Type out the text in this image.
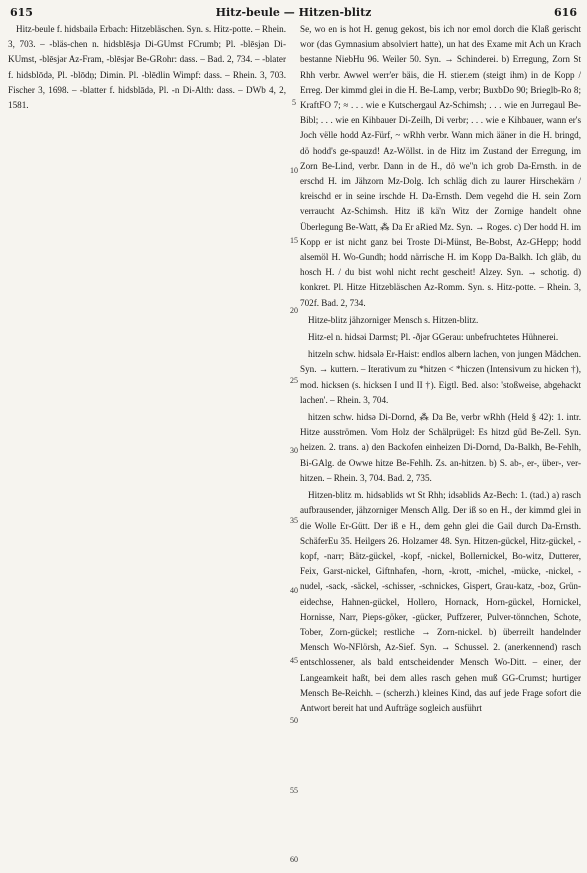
615	Hitz-beule — Hitzen-blitz	616

Hitz-beule f. hidsbailə Erbach: Hitzebläschen. Syn. s. Hitz-potte. – Rhein. 3, 703. – -bläs-chen n. hidsblēsjə Di-GUmst FCrumb; Pl. -blēsjən Di-KUmst, -blēsjər Az-Fram, -blēsjər Be-GRohr: dass. – Bad. 2, 734. – -blater f. hidsblōdə, Pl. -blōdṇ; Dimin. Pl. -blēdlin Wimpf: dass. – Rhein. 3, 703. Fischer 3, 1698. – -blatter f. hidsblādə, Pl. -n Di-Alth: dass. – DWb 4, 2, 1581.

Se, wo en is hot H. genug gekost, bis ich nor emol dorch die Klaß gerischt wor (das Gymnasium absolviert hatte), un hat des Exame mit Ach un Krach bestanne NiebHu 96. Weiler 50. Syn. → Schinderei. b) Erregung, Zorn St Rhh verbr. Awwel werr'er bäis, die H. stier.em (steigt ihm) in de Kopp / Erreg. Der kimmd glei in die H. Be-Lamp, verbr; BuxbDo 90; Brieglb-Ro 8; KraftFO 7; ≈ . . . wie e Kutschergaul Az-Schimsh; . . . wie en Jurregaul Be-Bibl; . . . wie en Kihbauer Di-Zeilh, Di verbr; . . . wie e Kihbauer, wann er's Joch vëlle hodd Az-Fürf, ~ wRhh verbr. Wann mich ääner in die H. bringd, dö hodd's ge-spauzd! Az-Wöllst. in de Hitz im Zustand der Erregung, im Zorn Be-Lind, verbr. Dann in de H., dö we''n ich grob Da-Ernsth. in de erschd H. im Jähzorn Mz-Dolg. Ich schläg dich zu laurer Hirschekärn / kreischd er in seine irschde H. Da-Ernsth. Dem vegehd die H. sein Zorn verraucht Az-Schimsh. Hitz iß kä'n Witz der Zornige handelt ohne Überlegung Be-Watt, ⁂ Da Er aRied Mz. Syn. → Roges. c) Der hodd H. im Kopp er ist nicht ganz bei Troste Di-Münst, Be-Bobst, Az-GHepp; hodd alsemöl H. Wo-Gundh; hodd närrische H. im Kopp Da-Balkh. Ich gläb, du hosch H. / du bist wohl nicht recht gescheit! Alzey. Syn. → schotig. d) konkret. Pl. Hitze Hitzebläschen Az-Romm. Syn. s. Hitz-potte. – Rhein. 3, 702f. Bad. 2, 734.

Hitze-blitz jähzorniger Mensch s. Hitzen-blitz.

Hitz-el n. hidsəi Darmst; Pl. -ðjər GGerau: unbefruchtetes Hühnerei.

hitzeln schw. hidsələ Er-Haist: endlos albern lachen, von jungen Mädchen. Syn. → kuttern. – Iterativum zu *hitzen < *hiczen (Intensivum zu hicken †), mod. hicksen (s. hicksen I und II †). Eigtl. Bed. also: 'stoßweise, abgehackt lachen'. – Rhein. 3, 704.

hitzen schw. hidsə Di-Dornd, ⁂ Da Be, verbr wRhh (Held § 42): 1. intr. Hitze ausströmen. Vom Holz der Schälprügel: Es hitzd güd Be-Zell. Syn. heizen. 2. trans. a) den Backofen einheizen Di-Dornd, Da-Balkh, Be-Fehlh, Bi-GAlg. de Owwe hitze Be-Fehlh. Zs. an-hitzen. b) S. ab-, er-, über-, ver-hitzen. – Rhein. 3, 704. Bad. 2, 735.

Hitzen-blitz m. hidsəblids wt St Rhh; idsəblids Az-Bech: 1. (tad.) a) rasch aufbrausender, jähzorniger Mensch Allg. Der iß so en H., der kimmd glei in die Wolle Er-Gütt. Der iß e H., dem gehn glei die Gail durch Da-Ernsth. SchäferEu 35. Heilgers 26. Holzamer 48. Syn. Hitzen-gückel, Hitz-gückel, -kopf, -narr; Bätz-gückel, -kopf, -nickel, Bollernickel, Bo-witz, Dutterer, Feix, Garst-nickel, Giftnhafen, -horn, -krott, -michel, -mücke, -nickel, -nudel, -sack, -säckel, -schisser, -schnickes, Gispert, Grau-katz, -boz, Grün-eidechse, Hahnen-gückel, Hollero, Hornack, Horn-gückel, Hornickel, Hornisse, Narr, Pieps-göker, -gücker, Puffzerer, Pulver-tönnchen, Schote, Tober, Zorn-gückel; restliche → Zorn-nickel. b) überreilt handelnder Mensch Wo-NFlörsh, Az-Sief. Syn. → Schussel. 2. (anerkennend) rasch entschlossener, als bald entscheidender Mensch Wo-Ditt. – einer, der Langeamkeit haßt, bei dem alles rasch gehen muß GG-Crumst; hurtiger Mensch Be-Reichh. – (scherzh.) kleines Kind, das auf jede Frage sofort die Antwort bereit hat und Aufträge sogleich ausführt

5
10
15
20
25
30
35
40
45
50
55
60
